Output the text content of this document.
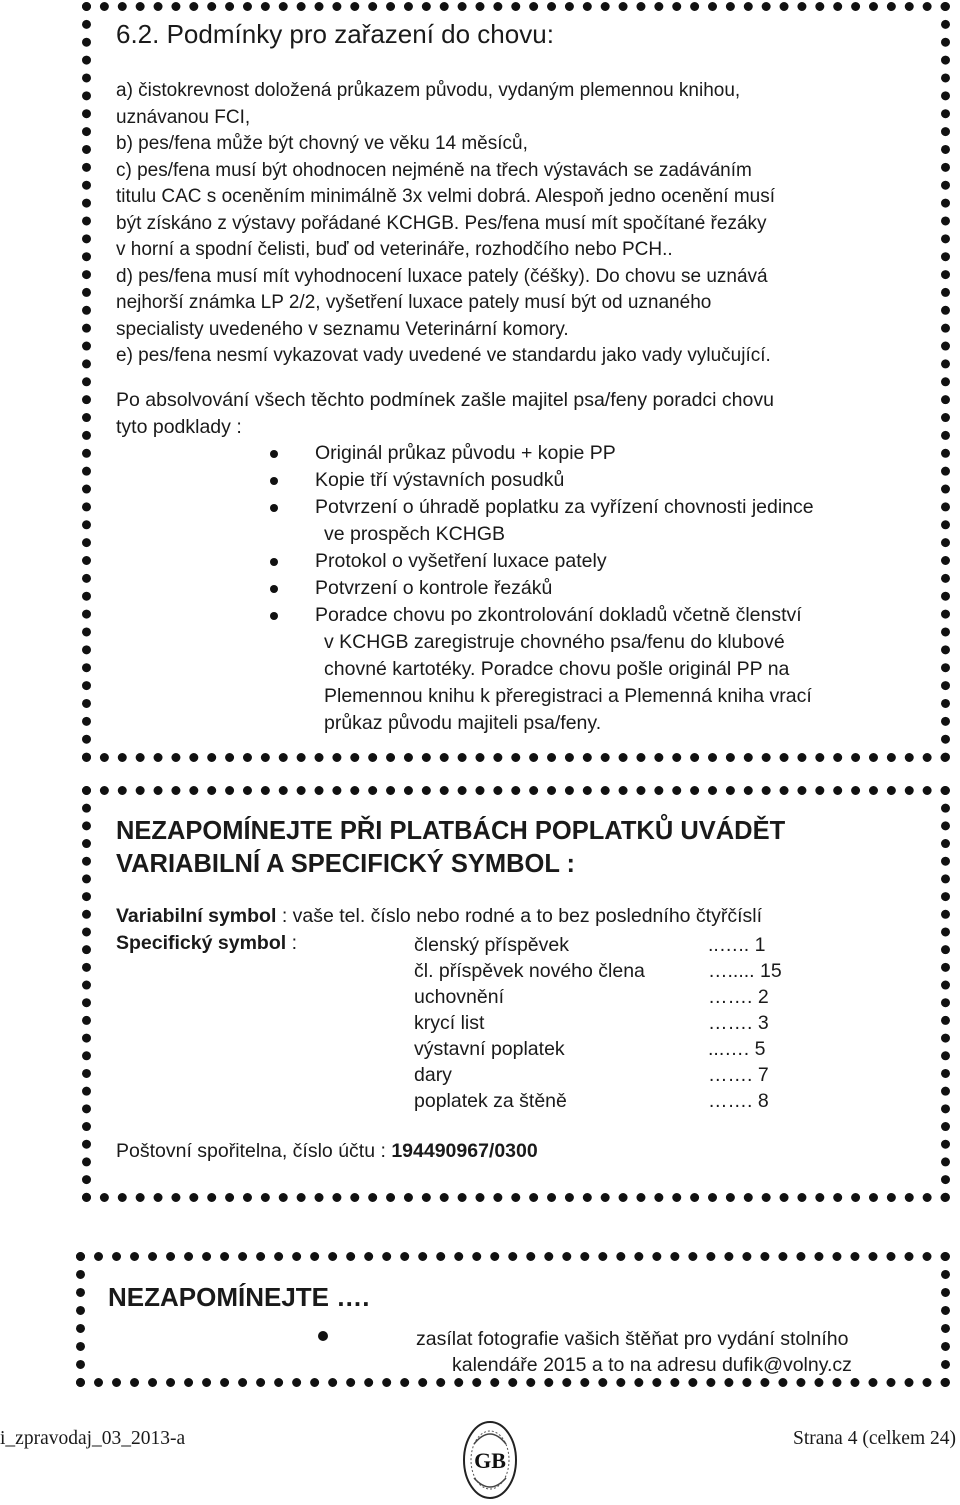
6.2. Podmínky pro zařazení do chovu:
a) čistokrevnost doložená průkazem původu, vydaným plemennou knihou,
uznávanou FCI,
b) pes/fena může být chovný ve věku 14 měsíců,
c) pes/fena musí být ohodnocen nejméně na třech výstavách se zadáváním
titulu CAC s oceněním minimálně 3x velmi dobrá. Alespoň jedno ocenění musí
být získáno z výstavy pořádané KCHGB. Pes/fena musí mít spočítané řezáky
v horní a spodní čelisti, buď od veterináře, rozhodčího nebo PCH..
d) pes/fena musí mít vyhodnocení luxace pately (čéšky). Do chovu se uznává
nejhorší známka LP 2/2, vyšetření luxace pately musí být od uznaného
specialisty uvedeného v seznamu Veterinární komory.
e) pes/fena nesmí vykazovat vady uvedené ve standardu jako vady vylučující.
Po absolvování všech těchto podmínek zašle majitel psa/feny poradci chovu
tyto podklady :
Originál průkaz původu + kopie PP
Kopie tří výstavních posudků
Potvrzení o úhradě poplatku za vyřízení chovnosti jedince
ve prospěch KCHGB
Protokol o vyšetření luxace pately
Potvrzení o kontrole řezáků
Poradce chovu po zkontrolování dokladů včetně členství
v KCHGB zaregistruje chovného psa/fenu do klubové
chovné kartotéky. Poradce chovu pošle originál PP na
Plemennou knihu k přeregistraci a Plemenná kniha vrací
průkaz původu majiteli psa/feny.
NEZAPOMÍNEJTE PŘI PLATBÁCH POPLATKŮ UVÁDĚT
VARIABILNÍ A SPECIFICKÝ SYMBOL :
Variabilní symbol : vaše tel. číslo nebo rodné a to bez posledního čtyřčíslí
Specifický symbol :	členský příspěvek
čl. příspěvek nového člena
uchovnění
krycí list
výstavní poplatek
dary
poplatek za štěně
..….. 1
…..... 15
……. 2
……. 3
...…. 5
……. 7
……. 8
Poštovní spořitelna, číslo účtu : 194490967/0300
NEZAPOMÍNEJTE ….
zasílat fotografie vašich štěňat pro vydání stolního
kalendáře 2015 a to na adresu dufik@volny.cz
i_zpravodaj_03_2013-a
GB
Strana 4 (celkem 24)
